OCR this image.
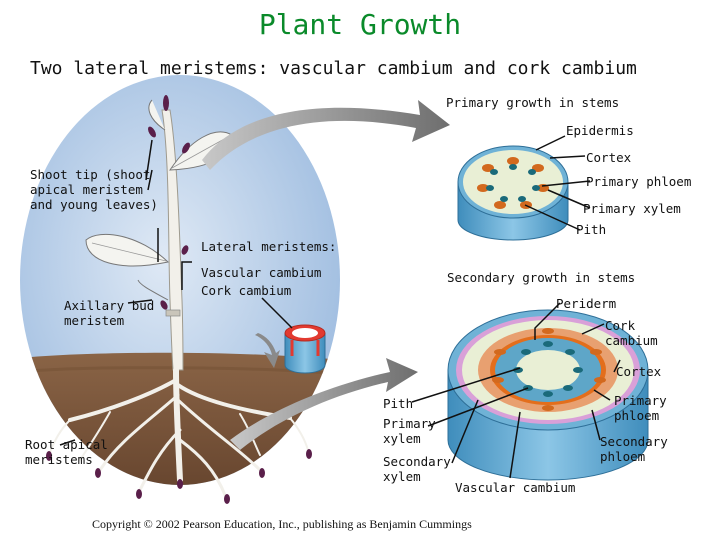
Plant Growth
Two lateral meristems: vascular cambium and cork cambium
Primary growth in stems
Epidermis
Cortex
Shoot tip (shoot
apical meristem
and young leaves)
Primary phloem
Primary xylem
Pith
Lateral meristems:
Vascular cambium
Cork cambium
Secondary growth in stems
Axillary bud
meristem
Periderm
Cork
cambium
Cortex
Pith
Primary
xylem
Primary
phloem
Root apical
meristems	Secondary
xylem
Secondary
phloem
Vascular cambium
Copyright © 2002 Pearson Education, Inc., publishing as Benjamin Cummings
